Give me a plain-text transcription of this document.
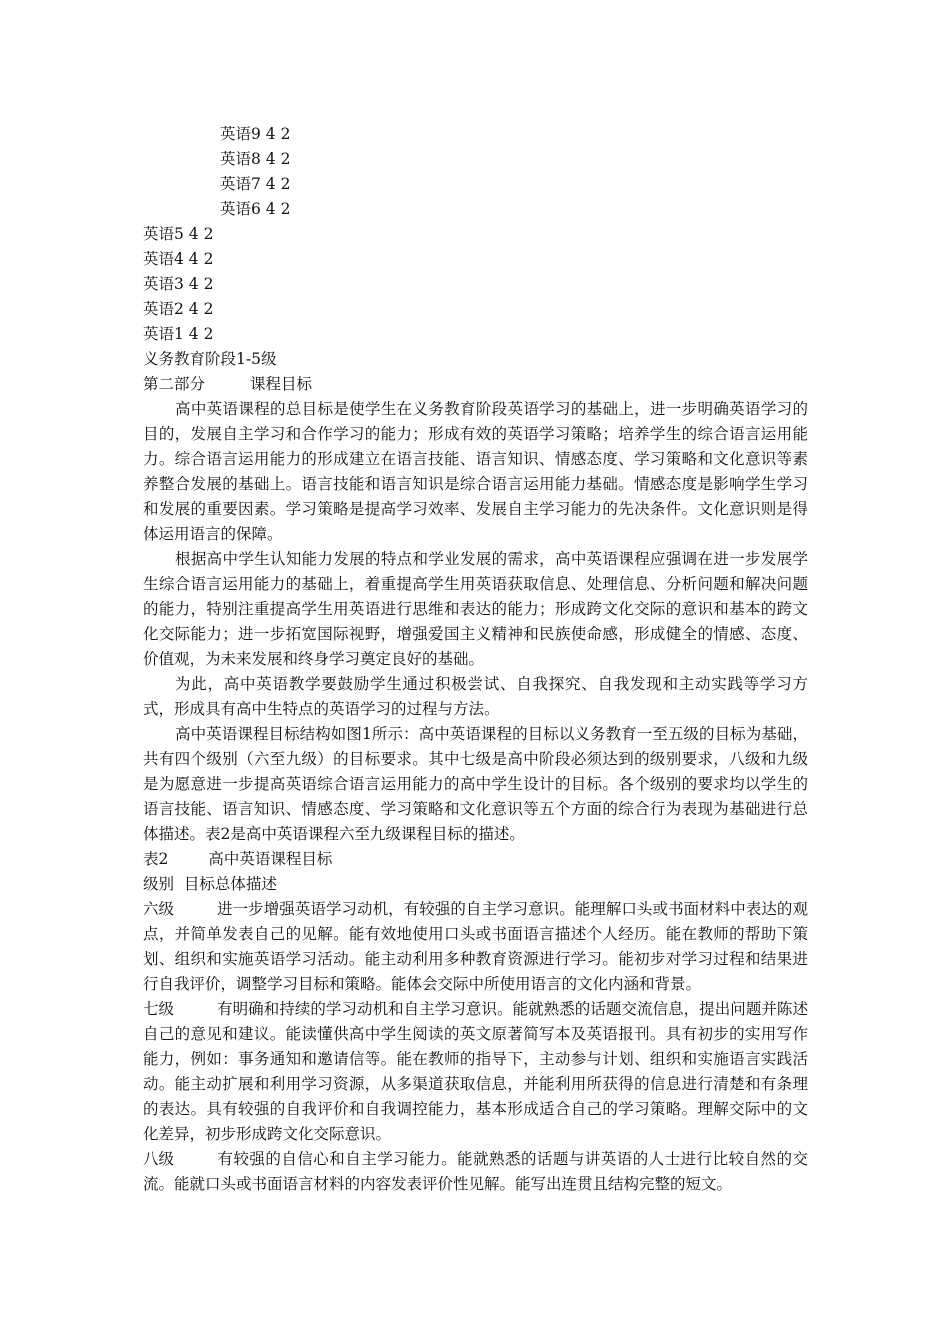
英语9 4 2
英语8 4 2
英语7 4 2
英语6 4 2
英语5 4 2
英语4 4 2
英语3 4 2
英语2 4 2
英语1 4 2
义务教育阶段1-5级
第二部分	课程目标

高中英语课程的总目标是使学生在义务教育阶段英语学习的基础上，进一步明确英语学习的目的，发展自主学习和合作学习的能力；形成有效的英语学习策略；培养学生的综合语言运用能力。综合语言运用能力的形成建立在语言技能、语言知识、情感态度、学习策略和文化意识等素养整合发展的基础上。语言技能和语言知识是综合语言运用能力基础。情感态度是影响学生学习和发展的重要因素。学习策略是提高学习效率、发展自主学习能力的先决条件。文化意识则是得体运用语言的保障。

根据高中学生认知能力发展的特点和学业发展的需求，高中英语课程应强调在进一步发展学生综合语言运用能力的基础上，着重提高学生用英语获取信息、处理信息、分析问题和解决问题的能力，特别注重提高学生用英语进行思维和表达的能力；形成跨文化交际的意识和基本的跨文化交际能力；进一步拓宽国际视野，增强爱国主义精神和民族使命感，形成健全的情感、态度、价值观，为未来发展和终身学习奠定良好的基础。

为此，高中英语教学要鼓励学生通过积极尝试、自我探究、自我发现和主动实践等学习方式，形成具有高中生特点的英语学习的过程与方法。

高中英语课程目标结构如图1所示：高中英语课程的目标以义务教育一至五级的目标为基础，共有四个级别（六至九级）的目标要求。其中七级是高中阶段必须达到的级别要求，八级和九级是为愿意进一步提高英语综合语言运用能力的高中学生设计的目标。各个级别的要求均以学生的语言技能、语言知识、情感态度、学习策略和文化意识等五个方面的综合行为表现为基础进行总体描述。表2是高中英语课程六至九级课程目标的描述。

表2	高中英语课程目标
级别  目标总体描述

六级	进一步增强英语学习动机，有较强的自主学习意识。能理解口头或书面材料中表达的观点，并简单发表自己的见解。能有效地使用口头或书面语言描述个人经历。能在教师的帮助下策划、组织和实施英语学习活动。能主动利用多种教育资源进行学习。能初步对学习过程和结果进行自我评价，调整学习目标和策略。能体会交际中所使用语言的文化内涵和背景。

七级	有明确和持续的学习动机和自主学习意识。能就熟悉的话题交流信息，提出问题并陈述自己的意见和建议。能读懂供高中学生阅读的英文原著简写本及英语报刊。具有初步的实用写作能力，例如：事务通知和邀请信等。能在教师的指导下，主动参与计划、组织和实施语言实践活动。能主动扩展和利用学习资源，从多渠道获取信息，并能利用所获得的信息进行清楚和有条理的表达。具有较强的自我评价和自我调控能力，基本形成适合自己的学习策略。理解交际中的文化差异，初步形成跨文化交际意识。

八级	有较强的自信心和自主学习能力。能就熟悉的话题与讲英语的人士进行比较自然的交流。能就口头或书面语言材料的内容发表评价性见解。能写出连贯且结构完整的短文。
